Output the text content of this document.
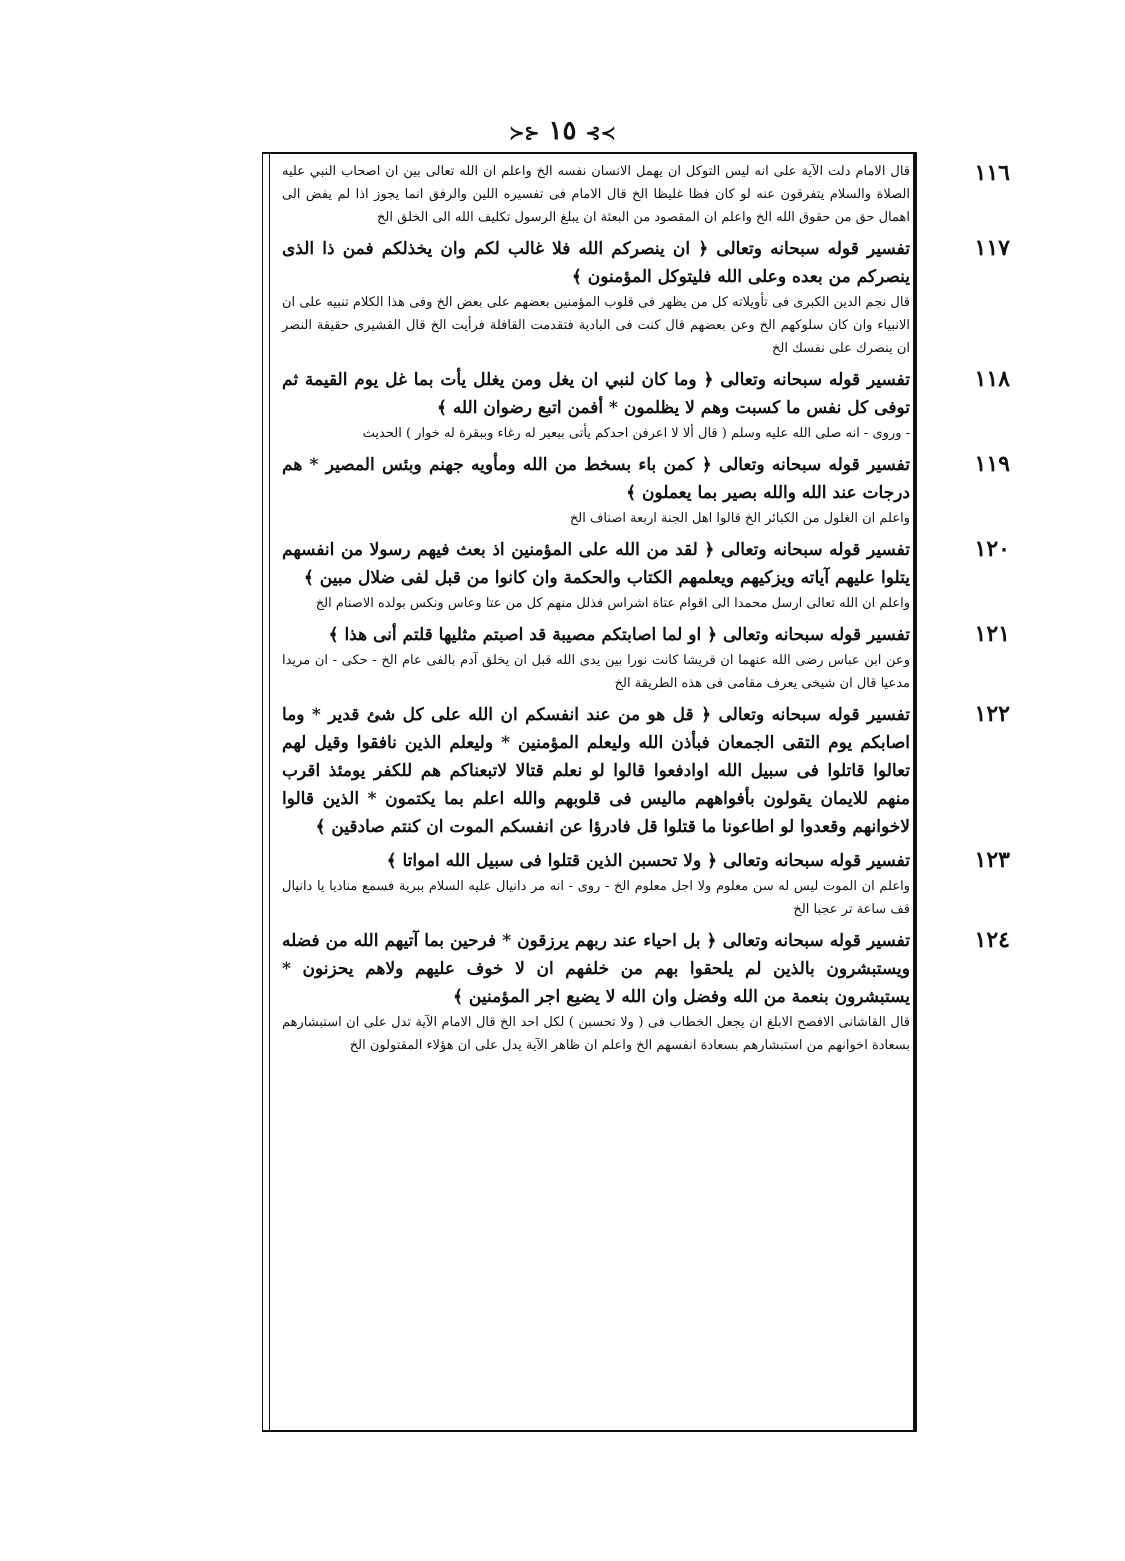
≻⊱ ١٥ ⊰≺
١١٦
قال الامام دلت الآية على انه ليس التوكل ان يهمل الانسان نفسه الخ واعلم ان الله تعالى بين ان اصحاب النبي عليه الصلاة والسلام يتفرقون عنه لو كان فظا غليظا الخ قال الامام فى تفسيره اللين والرفق انما يجوز اذا لم يفض الى اهمال حق من حقوق الله الخ واعلم ان المقصود من البعثة ان يبلغ الرسول تكليف الله الى الخلق الخ
١١٧
تفسير قوله سبحانه وتعالى ﴿ ان ينصركم الله فلا غالب لكم وان يخذلكم فمن ذا الذى ينصركم من بعده وعلى الله فليتوكل المؤمنون ﴾
قال نجم الدين الكبرى فى تأويلاته كل من يظهر فى قلوب المؤمنين بعضهم على بعض الخ وفى هذا الكلام تنبيه على ان الانبياء وان كان سلوكهم الخ وعن بعضهم قال كنت فى البادية فتقدمت القافلة فرأيت الخ قال القشيرى حقيقة النصر ان ينصرك على نفسك الخ
١١٨
تفسير قوله سبحانه وتعالى ﴿ وما كان لنبي ان يغل ومن يغلل يأت بما غل يوم القيمة ثم توفى كل نفس ما كسبت وهم لا يظلمون * أفمن اتبع رضوان الله ﴾
- وروى - انه صلى الله عليه وسلم ( قال ألا لا اعرفن احدكم يأتى ببعير له رغاء وببقرة له خوار ) الحديث
١١٩
تفسير قوله سبحانه وتعالى ﴿ كمن باء بسخط من الله ومأويه جهنم وبئس المصير * هم درجات عند الله والله بصير بما يعملون ﴾
واعلم ان الغلول من الكبائر الخ قالوا اهل الجنة اربعة اصناف الخ
١٢٠
تفسير قوله سبحانه وتعالى ﴿ لقد من الله على المؤمنين اذ بعث فيهم رسولا من انفسهم يتلوا عليهم آياته ويزكيهم ويعلمهم الكتاب والحكمة وان كانوا من قبل لفى ضلال مبين ﴾
واعلم ان الله تعالى ارسل محمدا الى اقوام عتاة اشراس فذلل منهم كل من عتا وعاس ونكس بولده الاصنام الخ
١٢١
تفسير قوله سبحانه وتعالى ﴿ او لما اصابتكم مصيبة قد اصبتم مثليها قلتم أنى هذا ﴾
وعن ابن عباس رضى الله عنهما ان قريشا كانت نورا بين يدى الله قبل ان يخلق آدم بالفى عام الخ - حكى - ان مريدا مدعيا قال ان شيخى يعرف مقامى فى هذه الطريقة الخ
١٢٢
تفسير قوله سبحانه وتعالى ﴿ قل هو من عند انفسكم ان الله على كل شئ قدير * وما اصابكم يوم التقى الجمعان فبأذن الله وليعلم المؤمنين * وليعلم الذين نافقوا وقيل لهم تعالوا قاتلوا فى سبيل الله اوادفعوا قالوا لو نعلم قتالا لاتبعناكم هم للكفر يومئذ اقرب منهم للايمان يقولون بأفواههم ماليس فى قلوبهم والله اعلم بما يكتمون * الذين قالوا لاخوانهم وقعدوا لو اطاعونا ما قتلوا قل فادرؤا عن انفسكم الموت ان كنتم صادقين ﴾
١٢٣
تفسير قوله سبحانه وتعالى ﴿ ولا تحسبن الذين قتلوا فى سبيل الله امواتا ﴾
واعلم ان الموت ليس له سن معلوم ولا اجل معلوم الخ - روى - انه مر دانيال عليه السلام ببرية فسمع مناديا يا دانيال قف ساعة تر عجبا الخ
١٢٤
تفسير قوله سبحانه وتعالى ﴿ بل احياء عند ربهم يرزقون * فرحين بما آتيهم الله من فضله ويستبشرون بالذين لم يلحقوا بهم من خلفهم ان لا خوف عليهم ولاهم يحزنون * يستبشرون بنعمة من الله وفضل وان الله لا يضيع اجر المؤمنين ﴾
قال القاشانى الافصح الابلغ ان يجعل الخطاب فى ( ولا تحسبن ) لكل احد الخ قال الامام الآية تدل على ان استبشارهم بسعادة اخوانهم من استبشارهم بسعادة انفسهم الخ واعلم ان ظاهر الآية يدل على ان هؤلاء المقتولون الخ
